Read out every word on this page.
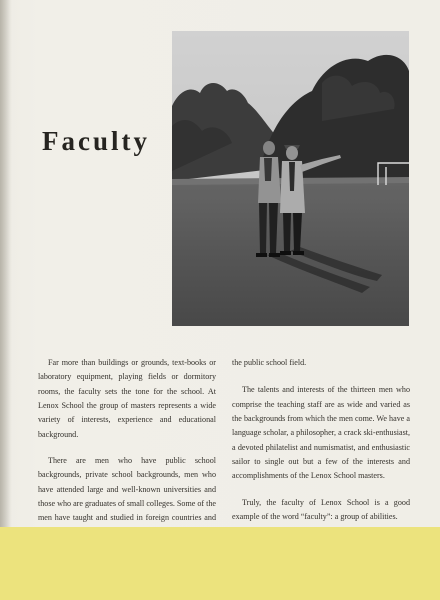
Faculty

Far more than buildings or grounds, text-books or laboratory equipment, playing fields or dormitory rooms, the faculty sets the tone for the school. At Lenox School the group of masters represents a wide variety of interests, experience and educational background.

There are men who have public school backgrounds, private school backgrounds, men who have attended large and well-known universities and those who are graduates of small colleges. Some of the men have taught and studied in foreign countries and

the public school field.

The talents and interests of the thirteen men who comprise the teaching staff are as wide and varied as the backgrounds from which the men come. We have a language scholar, a philosopher, a crack ski-enthusiast, a devoted philatelist and numismatist, and enthusiastic sailor to single out but a few of the interests and accomplishments of the Lenox School masters.

Truly, the faculty of Lenox School is a good example of the word “faculty”: a group of abilities.
